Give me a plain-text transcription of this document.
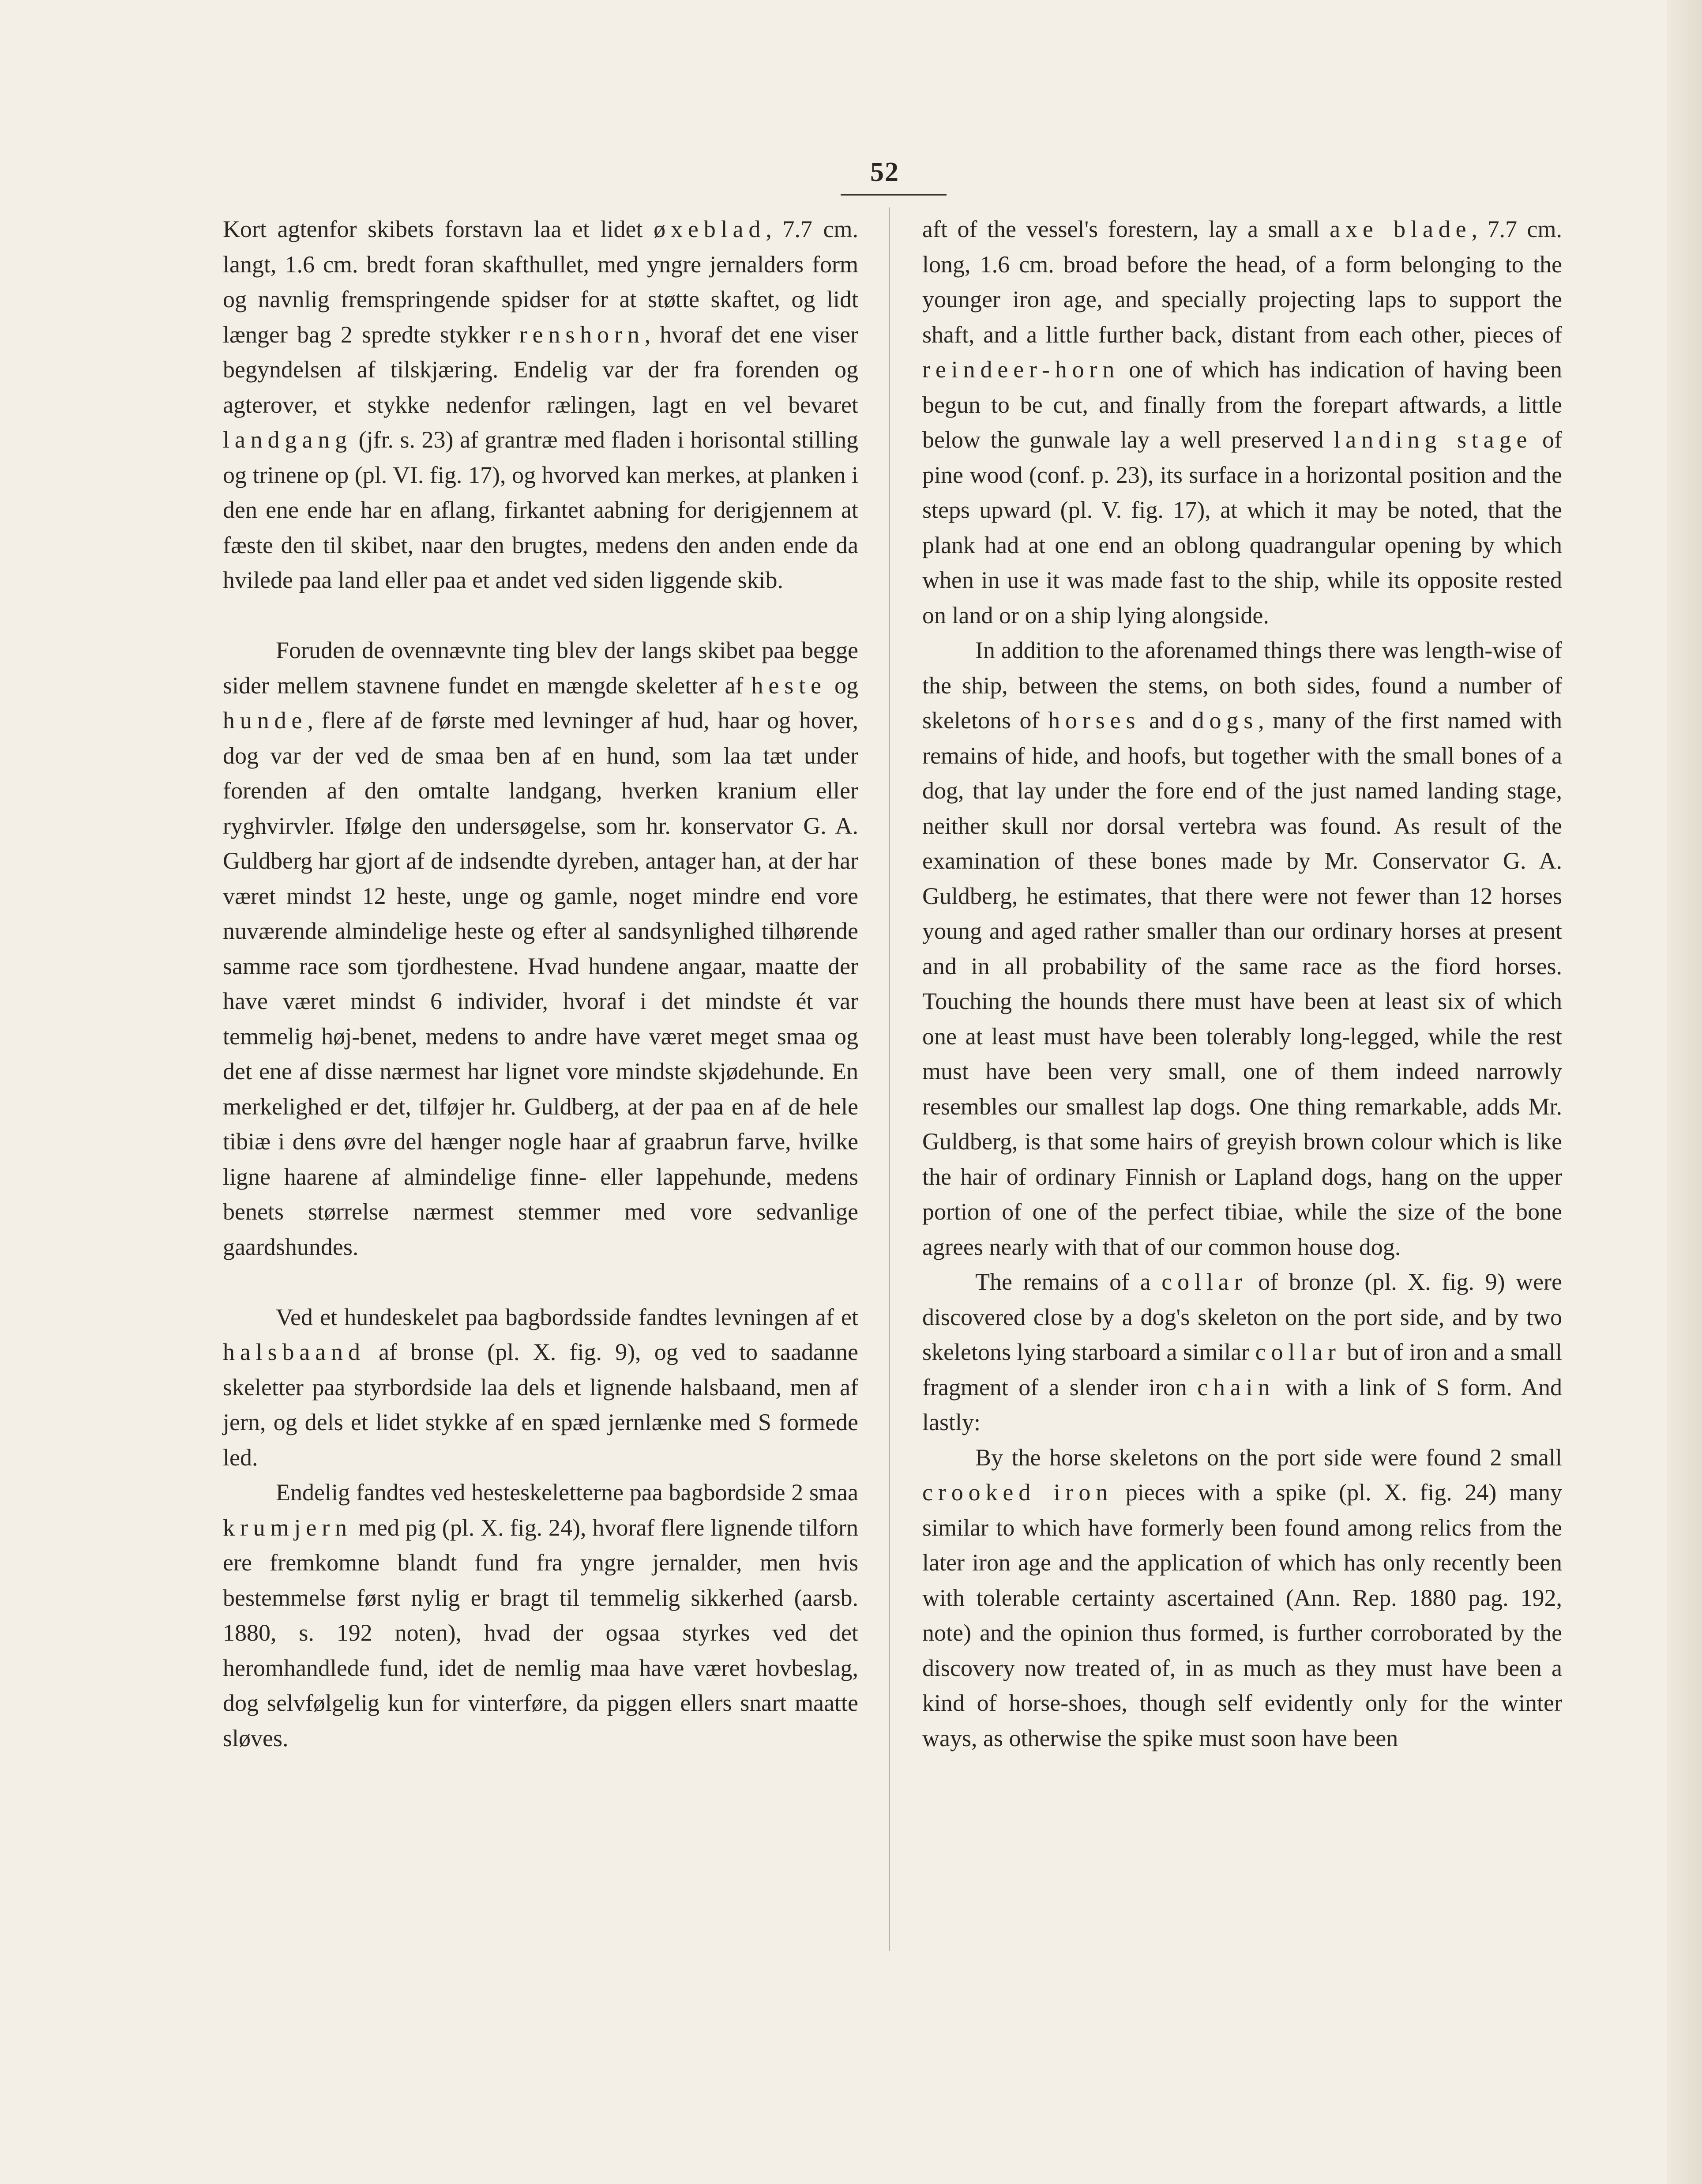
52

Kort agtenfor skibets forstavn laa et lidet øxeblad, 7.7 cm. langt, 1.6 cm. bredt foran skafthullet, med yngre jernalders form og navnlig fremspringende spidser for at støtte skaftet, og lidt længer bag 2 spredte stykker renshorn, hvoraf det ene viser begyndelsen af tilskjæring. Endelig var der fra forenden og agterover, et stykke nedenfor rælingen, lagt en vel bevaret landgang (jfr. s. 23) af grantræ med fladen i horisontal stilling og trinene op (pl. VI. fig. 17), og hvorved kan merkes, at planken i den ene ende har en aflang, firkantet aabning for derigjennem at fæste den til skibet, naar den brugtes, medens den anden ende da hvilede paa land eller paa et andet ved siden liggende skib.

Foruden de ovennævnte ting blev der langs skibet paa begge sider mellem stavnene fundet en mængde skeletter af heste og hunde, flere af de første med levninger af hud, haar og hover, dog var der ved de smaa ben af en hund, som laa tæt under forenden af den omtalte landgang, hverken kranium eller ryghvirvler. Ifølge den undersøgelse, som hr. konservator G. A. Guldberg har gjort af de indsendte dyreben, antager han, at der har været mindst 12 heste, unge og gamle, noget mindre end vore nuværende almindelige heste og efter al sandsynlighed tilhørende samme race som tjordhestene. Hvad hundene angaar, maatte der have været mindst 6 individer, hvoraf i det mindste ét var temmelig høj-benet, medens to andre have været meget smaa og det ene af disse nærmest har lignet vore mindste skjødehunde. En merkelighed er det, tilføjer hr. Guldberg, at der paa en af de hele tibiæ i dens øvre del hænger nogle haar af graabrun farve, hvilke ligne haarene af almindelige finne- eller lappehunde, medens benets størrelse nærmest stemmer med vore sedvanlige gaardshundes.

Ved et hundeskelet paa bagbordsside fandtes levningen af et halsbaand af bronse (pl. X. fig. 9), og ved to saadanne skeletter paa styrbordside laa dels et lignende halsbaand, men af jern, og dels et lidet stykke af en spæd jernlænke med S formede led.

Endelig fandtes ved hesteskeletterne paa bagbordside 2 smaa krumjern med pig (pl. X. fig. 24), hvoraf flere lignende tilforn ere fremkomne blandt fund fra yngre jernalder, men hvis bestemmelse først nylig er bragt til temmelig sikkerhed (aarsb. 1880, s. 192 noten), hvad der ogsaa styrkes ved det heromhandlede fund, idet de nemlig maa have været hovbeslag, dog selvfølgelig kun for vinterføre, da piggen ellers snart maatte sløves.

aft of the vessel's forestern, lay a small axe blade, 7.7 cm. long, 1.6 cm. broad before the head, of a form belonging to the younger iron age, and specially projecting laps to support the shaft, and a little further back, distant from each other, pieces of reindeer-horn one of which has indication of having been begun to be cut, and finally from the forepart aftwards, a little below the gunwale lay a well preserved landing stage of pine wood (conf. p. 23), its surface in a horizontal position and the steps upward (pl. V. fig. 17), at which it may be noted, that the plank had at one end an oblong quadrangular opening by which when in use it was made fast to the ship, while its opposite rested on land or on a ship lying alongside.

In addition to the aforenamed things there was length-wise of the ship, between the stems, on both sides, found a number of skeletons of horses and dogs, many of the first named with remains of hide, and hoofs, but together with the small bones of a dog, that lay under the fore end of the just named landing stage, neither skull nor dorsal vertebra was found. As result of the examination of these bones made by Mr. Conservator G. A. Guldberg, he estimates, that there were not fewer than 12 horses young and aged rather smaller than our ordinary horses at present and in all probability of the same race as the fiord horses. Touching the hounds there must have been at least six of which one at least must have been tolerably long-legged, while the rest must have been very small, one of them indeed narrowly resembles our smallest lap dogs. One thing remarkable, adds Mr. Guldberg, is that some hairs of greyish brown colour which is like the hair of ordinary Finnish or Lapland dogs, hang on the upper portion of one of the perfect tibiae, while the size of the bone agrees nearly with that of our common house dog.

The remains of a collar of bronze (pl. X. fig. 9) were discovered close by a dog's skeleton on the port side, and by two skeletons lying starboard a similar collar but of iron and a small fragment of a slender iron chain with a link of S form. And lastly:

By the horse skeletons on the port side were found 2 small crooked iron pieces with a spike (pl. X. fig. 24) many similar to which have formerly been found among relics from the later iron age and the application of which has only recently been with tolerable certainty ascertained (Ann. Rep. 1880 pag. 192, note) and the opinion thus formed, is further corroborated by the discovery now treated of, in as much as they must have been a kind of horse-shoes, though self evidently only for the winter ways, as otherwise the spike must soon have been
